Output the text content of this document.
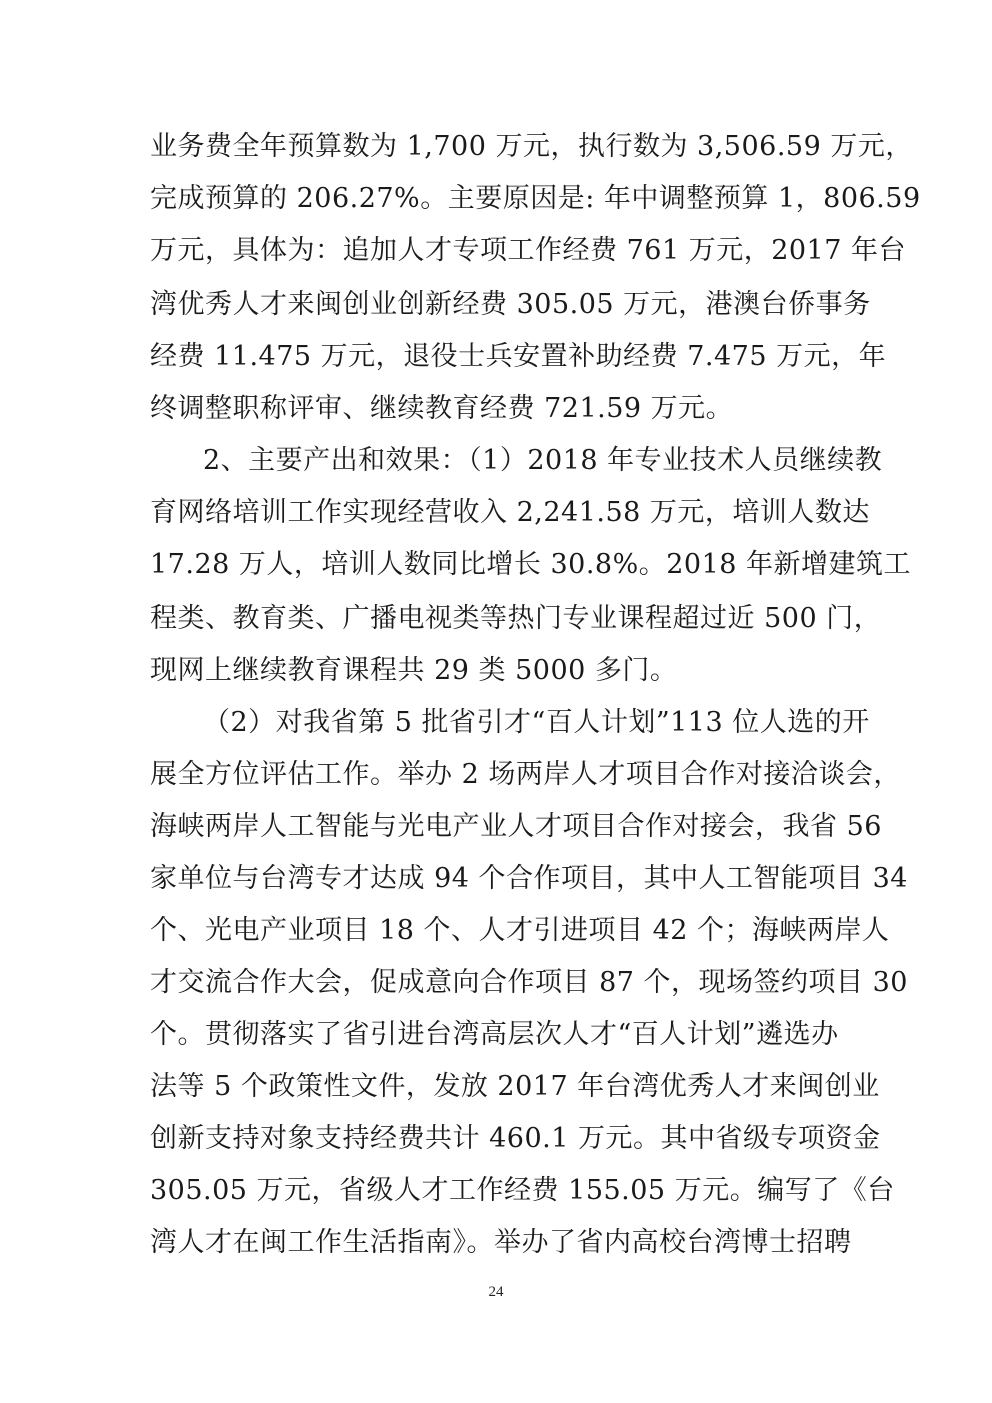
业务费全年预算数为 1,700 万元，执行数为 3,506.59 万元，
完成预算的 206.27%。主要原因是: 年中调整预算 1，806.59
万元，具体为：追加人才专项工作经费 761 万元，2017 年台
湾优秀人才来闽创业创新经费 305.05 万元，港澳台侨事务
经费 11.475 万元，退役士兵安置补助经费 7.475 万元，年
终调整职称评审、继续教育经费 721.59 万元。
2、主要产出和效果：（1）2018 年专业技术人员继续教
育网络培训工作实现经营收入 2,241.58 万元，培训人数达
17.28 万人，培训人数同比增长 30.8%。2018 年新增建筑工
程类、教育类、广播电视类等热门专业课程超过近 500 门，
现网上继续教育课程共 29 类 5000 多门。
（2）对我省第 5 批省引才“百人计划”113 位人选的开
展全方位评估工作。举办 2 场两岸人才项目合作对接洽谈会，
海峡两岸人工智能与光电产业人才项目合作对接会，我省 56
家单位与台湾专才达成 94 个合作项目，其中人工智能项目 34
个、光电产业项目 18 个、人才引进项目 42 个；海峡两岸人
才交流合作大会，促成意向合作项目 87 个，现场签约项目 30
个。贯彻落实了省引进台湾高层次人才“百人计划”遴选办
法等 5 个政策性文件，发放 2017 年台湾优秀人才来闽创业
创新支持对象支持经费共计 460.1 万元。其中省级专项资金
305.05 万元，省级人才工作经费 155.05 万元。编写了《台
湾人才在闽工作生活指南》。举办了省内高校台湾博士招聘
24
